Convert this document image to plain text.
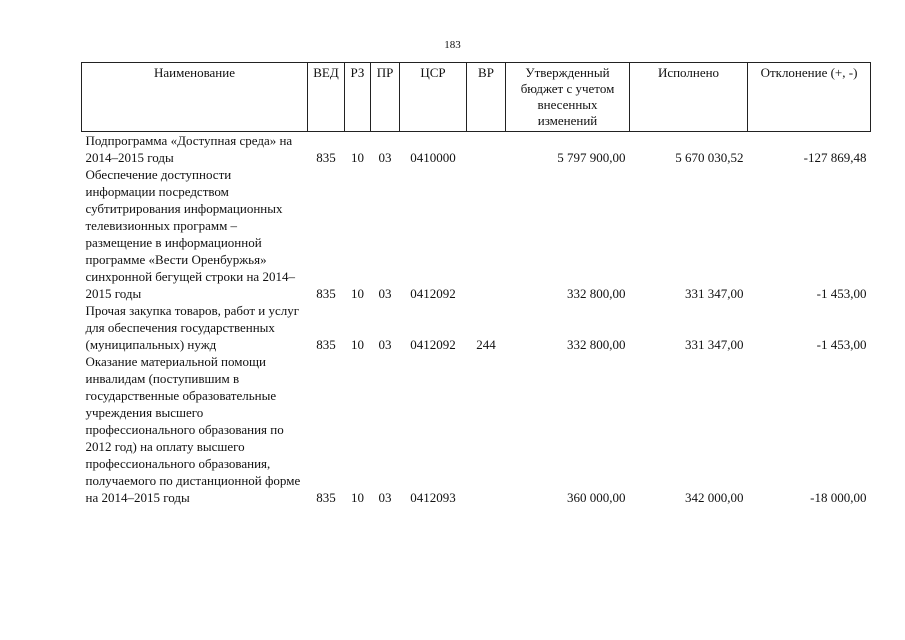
183
Наименование	ВЕД	РЗ	ПР	ЦСР	ВР	Утвержденный бюджет с учетом внесенных изменений	Исполнено	Отклонение (+, -)
Подпрограмма «Доступная среда» на 2014–2015 годы	835	10	03	0410000		5 797 900,00	5 670 030,52	-127 869,48
Обеспечение доступности информации посредством субтитрирования информационных телевизионных программ – размещение в информационной программе «Вести Оренбуржья» синхронной бегущей строки на 2014–2015 годы	835	10	03	0412092		332 800,00	331 347,00	-1 453,00
Прочая закупка товаров, работ и услуг для обеспечения государственных (муниципальных) нужд	835	10	03	0412092	244	332 800,00	331 347,00	-1 453,00
Оказание материальной помощи инвалидам (поступившим в государственные образовательные учреждения высшего профессионального образования по 2012 год) на оплату высшего профессионального образования, получаемого по дистанционной форме на 2014–2015 годы	835	10	03	0412093		360 000,00	342 000,00	-18 000,00
